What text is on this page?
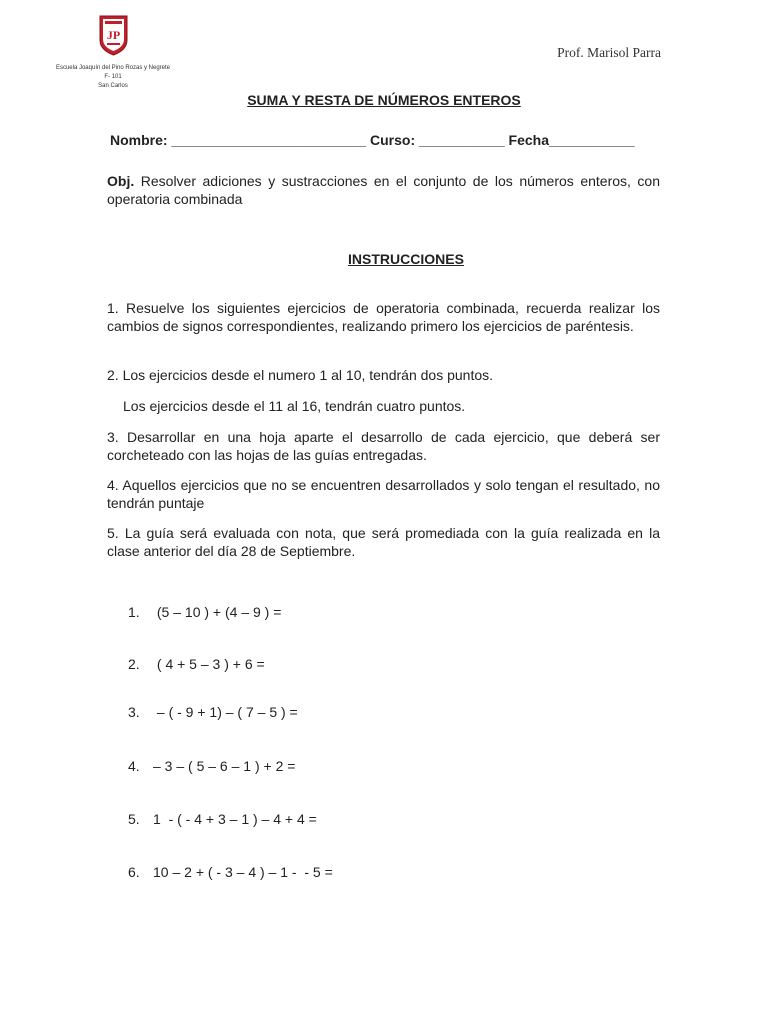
JP
Escuela Joaquín del Pino Rozas y Negrete
F- 101
San Carlos
Prof. Marisol Parra
SUMA Y RESTA DE NÚMEROS ENTEROS
Nombre: _________________________ Curso: ___________ Fecha___________
Obj. Resolver adiciones y sustracciones en el conjunto de los números enteros, con operatoria combinada
INSTRUCCIONES
1. Resuelve los siguientes ejercicios de operatoria combinada, recuerda realizar los cambios de signos correspondientes, realizando primero los ejercicios de paréntesis.
2. Los ejercicios desde el numero 1 al 10, tendrán dos puntos.
Los ejercicios desde el 11 al 16, tendrán cuatro puntos.
3. Desarrollar en una hoja aparte el desarrollo de cada ejercicio, que deberá ser corcheteado con las hojas de las guías entregadas.
4. Aquellos ejercicios que no se encuentren desarrollados y solo tengan el resultado, no tendrán puntaje
5. La guía será evaluada con nota, que será promediada con la guía realizada en la clase anterior del día 28 de Septiembre.
1. (5 – 10 ) + (4 – 9 ) =
2. ( 4 + 5 – 3 ) + 6 =
3. – ( - 9 + 1) – ( 7 – 5 ) =
4. – 3 – ( 5 – 6 – 1 ) + 2 =
5. 1  - ( - 4 + 3 – 1 ) – 4 + 4 =
6. 10 – 2 + ( - 3 – 4 ) – 1 -  - 5 =
